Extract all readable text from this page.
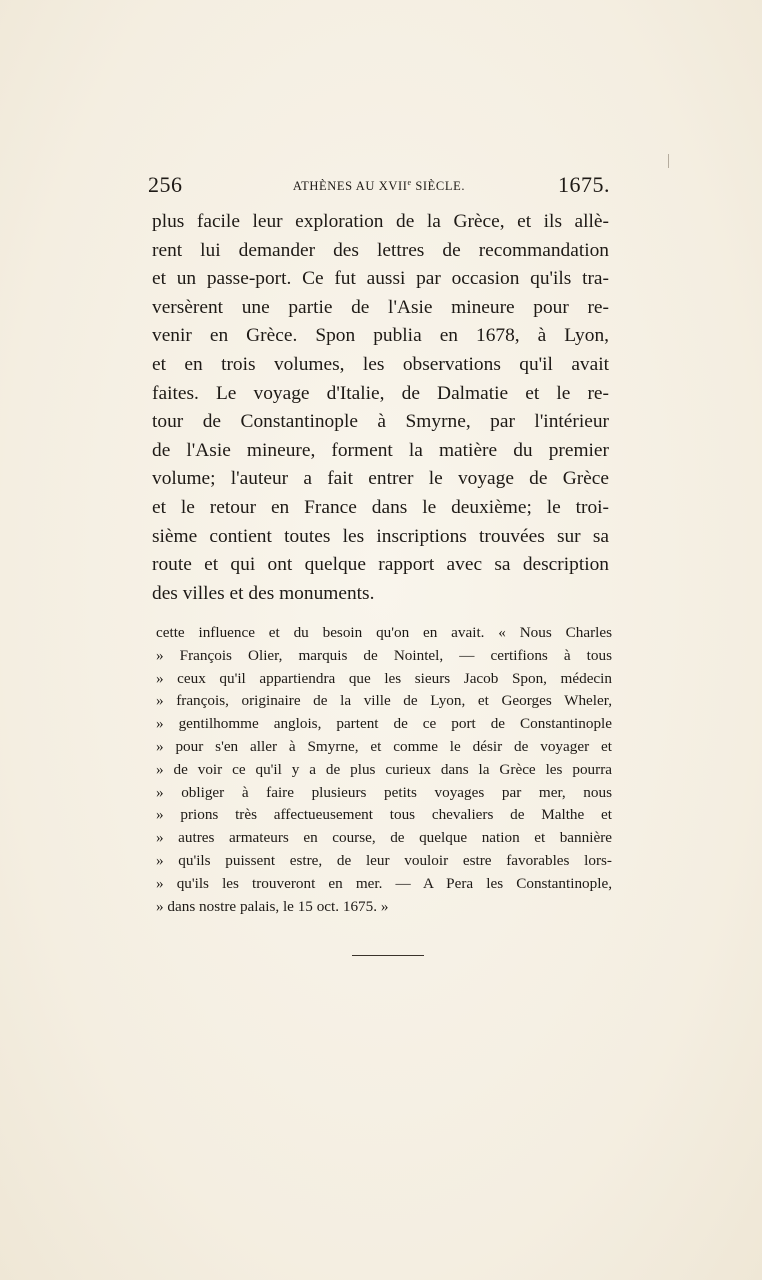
256	ATHÈNES AU XVIIe SIÈCLE.	1675.
plus facile leur exploration de la Grèce, et ils allè-
rent lui demander des lettres de recommandation
et un passe-port. Ce fut aussi par occasion qu'ils tra-
versèrent une partie de l'Asie mineure pour re-
venir en Grèce. Spon publia en 1678, à Lyon,
et en trois volumes, les observations qu'il avait
faites. Le voyage d'Italie, de Dalmatie et le re-
tour de Constantinople à Smyrne, par l'intérieur
de l'Asie mineure, forment la matière du premier
volume; l'auteur a fait entrer le voyage de Grèce
et le retour en France dans le deuxième; le troi-
sième contient toutes les inscriptions trouvées sur sa
route et qui ont quelque rapport avec sa description
des villes et des monuments.
cette influence et du besoin qu'on en avait. « Nous Charles
» François Olier, marquis de Nointel, — certifions à tous
» ceux qu'il appartiendra que les sieurs Jacob Spon, médecin
» françois, originaire de la ville de Lyon, et Georges Wheler,
» gentilhomme anglois, partent de ce port de Constantinople
» pour s'en aller à Smyrne, et comme le désir de voyager et
» de voir ce qu'il y a de plus curieux dans la Grèce les pourra
» obliger à faire plusieurs petits voyages par mer, nous
» prions très affectueusement tous chevaliers de Malthe et
» autres armateurs en course, de quelque nation et bannière
» qu'ils puissent estre, de leur vouloir estre favorables lors-
» qu'ils les trouveront en mer. — A Pera les Constantinople,
» dans nostre palais, le 15 oct. 1675. »
